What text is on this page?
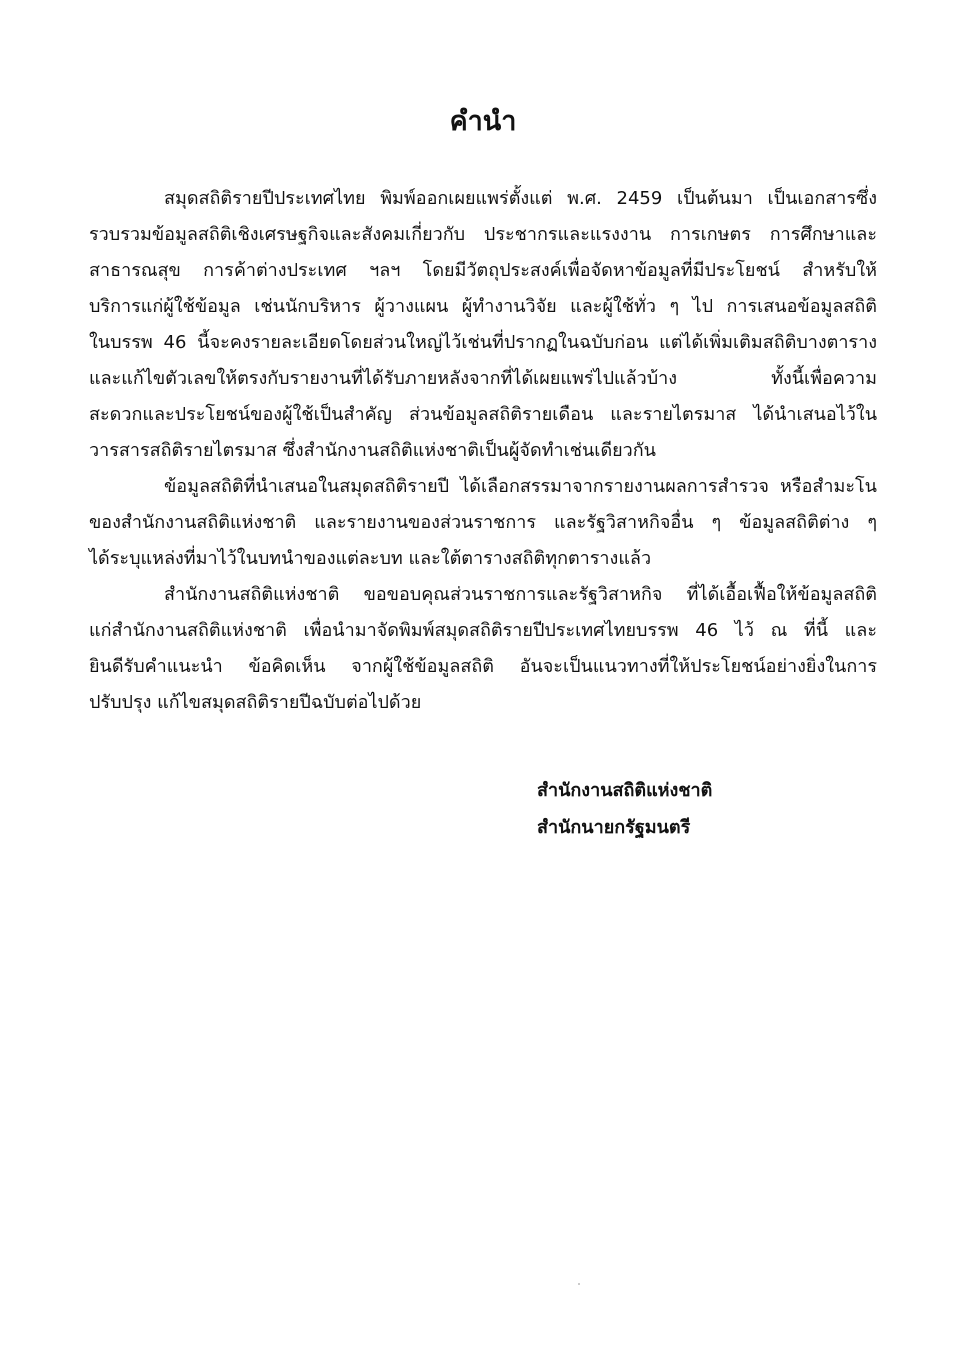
คำนำ
สมุดสถิติรายปีประเทศไทย พิมพ์ออกเผยแพร่ตั้งแต่ พ.ศ. 2459 เป็นต้นมา เป็นเอกสารซึ่ง
รวบรวมข้อมูลสถิติเชิงเศรษฐกิจและสังคมเกี่ยวกับ ประชากรและแรงงาน การเกษตร การศึกษาและ
สาธารณสุข การค้าต่างประเทศ ฯลฯ โดยมีวัตถุประสงค์เพื่อจัดหาข้อมูลที่มีประโยชน์ สำหรับให้
บริการแก่ผู้ใช้ข้อมูล เช่นนักบริหาร ผู้วางแผน ผู้ทำงานวิจัย และผู้ใช้ทั่ว ๆ ไป การเสนอข้อมูลสถิติ
ในบรรพ 46 นี้จะคงรายละเอียดโดยส่วนใหญ่ไว้เช่นที่ปรากฏในฉบับก่อน แต่ได้เพิ่มเติมสถิติบางตาราง
และแก้ไขตัวเลขให้ตรงกับรายงานที่ได้รับภายหลังจากที่ได้เผยแพร่ไปแล้วบ้าง ทั้งนี้เพื่อความ
สะดวกและประโยชน์ของผู้ใช้เป็นสำคัญ ส่วนข้อมูลสถิติรายเดือน และรายไตรมาส ได้นำเสนอไว้ใน
วารสารสถิติรายไตรมาส ซึ่งสำนักงานสถิติแห่งชาติเป็นผู้จัดทำเช่นเดียวกัน
ข้อมูลสถิติที่นำเสนอในสมุดสถิติรายปี ได้เลือกสรรมาจากรายงานผลการสำรวจ หรือสำมะโน
ของสำนักงานสถิติแห่งชาติ และรายงานของส่วนราชการ และรัฐวิสาหกิจอื่น ๆ ข้อมูลสถิติต่าง ๆ
ได้ระบุแหล่งที่มาไว้ในบทนำของแต่ละบท และใต้ตารางสถิติทุกตารางแล้ว
สำนักงานสถิติแห่งชาติ ขอขอบคุณส่วนราชการและรัฐวิสาหกิจ ที่ได้เอื้อเฟื้อให้ข้อมูลสถิติ
แก่สำนักงานสถิติแห่งชาติ เพื่อนำมาจัดพิมพ์สมุดสถิติรายปีประเทศไทยบรรพ 46 ไว้ ณ ที่นี้ และ
ยินดีรับคำแนะนำ ข้อคิดเห็น จากผู้ใช้ข้อมูลสถิติ อันจะเป็นแนวทางที่ให้ประโยชน์อย่างยิ่งในการ
ปรับปรุง แก้ไขสมุดสถิติรายปีฉบับต่อไปด้วย
สำนักงานสถิติแห่งชาติ
สำนักนายกรัฐมนตรี
